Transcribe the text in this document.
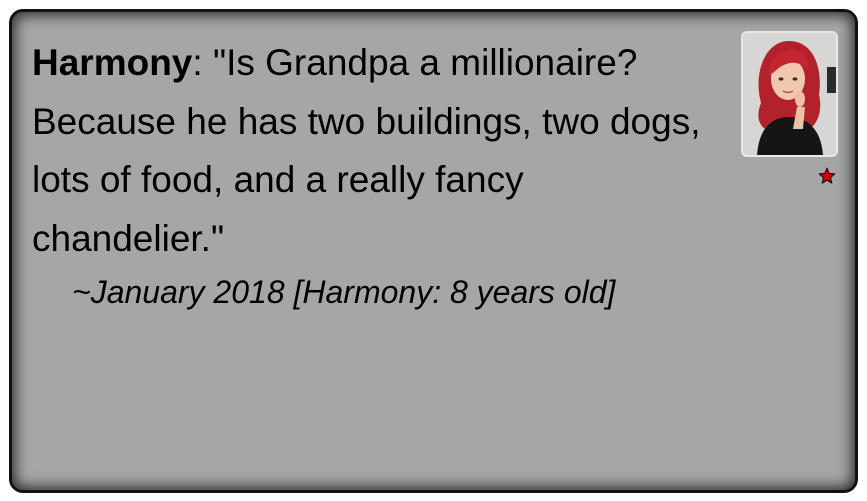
Harmony: "Is Grandpa a millionaire? Because he has two buildings, two dogs, lots of food, and a really fancy chandelier."

~January 2018 [Harmony: 8 years old]
